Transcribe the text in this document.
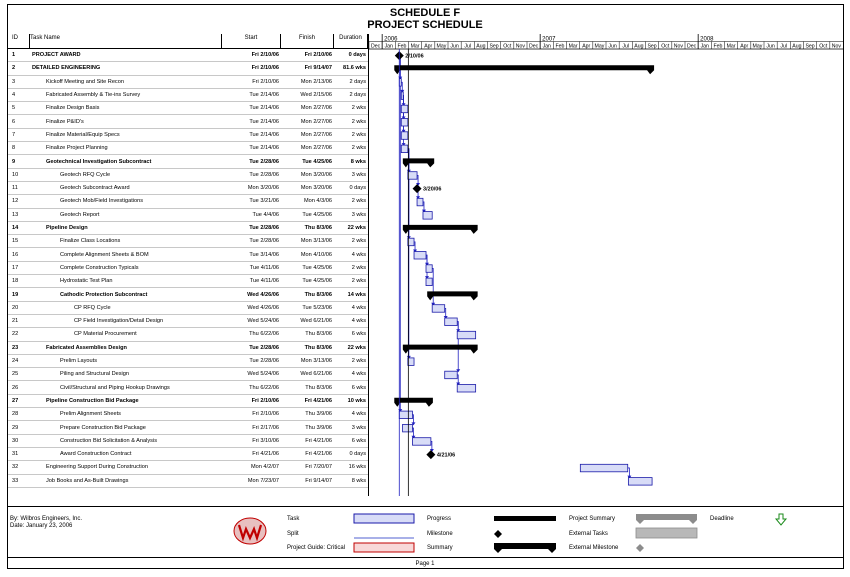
SCHEDULE F
PROJECT SCHEDULE
ID	Task Name	Start	Finish	Duration
1	PROJECT AWARD	Fri 2/10/06	Fri 2/10/06	0 days
2	DETAILED ENGINEERING	Fri 2/10/06	Fri 9/14/07	81.6 wks
3	Kickoff Meeting and Site Recon	Fri 2/10/06	Mon 2/13/06	2 days
4	Fabricated Assembly & Tie-ins Survey	Tue 2/14/06	Wed 2/15/06	2 days
5	Finalize Design Basis	Tue 2/14/06	Mon 2/27/06	2 wks
6	Finalize P&ID's	Tue 2/14/06	Mon 2/27/06	2 wks
7	Finalize Material/Equip Specs	Tue 2/14/06	Mon 2/27/06	2 wks
8	Finalize Project Planning	Tue 2/14/06	Mon 2/27/06	2 wks
9	Geotechnical Investigation Subcontract	Tue 2/28/06	Tue 4/25/06	8 wks
10	Geotech RFQ Cycle	Tue 2/28/06	Mon 3/20/06	3 wks
11	Geotech Subcontract Award	Mon 3/20/06	Mon 3/20/06	0 days
12	Geotech Mob/Field Investigations	Tue 3/21/06	Mon 4/3/06	2 wks
13	Geotech Report	Tue 4/4/06	Tue 4/25/06	3 wks
14	Pipeline Design	Tue 2/28/06	Thu 8/3/06	22 wks
15	Finalize Class Locations	Tue 2/28/06	Mon 3/13/06	2 wks
16	Complete Alignment Sheets & BOM	Tue 3/14/06	Mon 4/10/06	4 wks
17	Complete Construction Typicals	Tue 4/11/06	Tue 4/25/06	2 wks
18	Hydrostatic Test Plan	Tue 4/11/06	Tue 4/25/06	2 wks
19	Cathodic Protection Subcontract	Wed 4/26/06	Thu 8/3/06	14 wks
20	CP RFQ Cycle	Wed 4/26/06	Tue 5/23/06	4 wks
21	CP Field Investigation/Detail Design	Wed 5/24/06	Wed 6/21/06	4 wks
22	CP Material Procurement	Thu 6/22/06	Thu 8/3/06	6 wks
23	Fabricated Assemblies Design	Tue 2/28/06	Thu 8/3/06	22 wks
24	Prelim Layouts	Tue 2/28/06	Mon 3/13/06	2 wks
25	Piling and Structural Design	Wed 5/24/06	Wed 6/21/06	4 wks
26	Civil/Structural and Piping Hookup Drawings	Thu 6/22/06	Thu 8/3/06	6 wks
27	Pipeline Construction Bid Package	Fri 2/10/06	Fri 4/21/06	10 wks
28	Prelim Alignment Sheets	Fri 2/10/06	Thu 3/9/06	4 wks
29	Prepare Construction Bid Package	Fri 2/17/06	Thu 3/9/06	3 wks
30	Construction Bid Solicitation & Analysis	Fri 3/10/06	Fri 4/21/06	6 wks
31	Award Construction Contract	Fri 4/21/06	Fri 4/21/06	0 days
32	Engineering Support During Construction	Mon 4/2/07	Fri 7/20/07	16 wks
33	Job Books and As-Built Drawings	Mon 7/23/07	Fri 9/14/07	8 wks
2006	2007	2008
Dec Jan Feb Mar Apr May Jun Jul Aug Sep Oct Nov Dec Jan Feb Mar Apr May Jun Jul Aug Sep Oct Nov Dec Jan Feb Mar Apr May Jun Jul Aug Sep Oct Nov
2/10/06
3/20/06
4/21/06
By: Wilbros Engineers, Inc.
Date: January 23, 2006
Task
Split
Project Guide: Critical
Progress
Milestone
Summary
Project Summary
External Tasks
External Milestone
Deadline
Page 1
